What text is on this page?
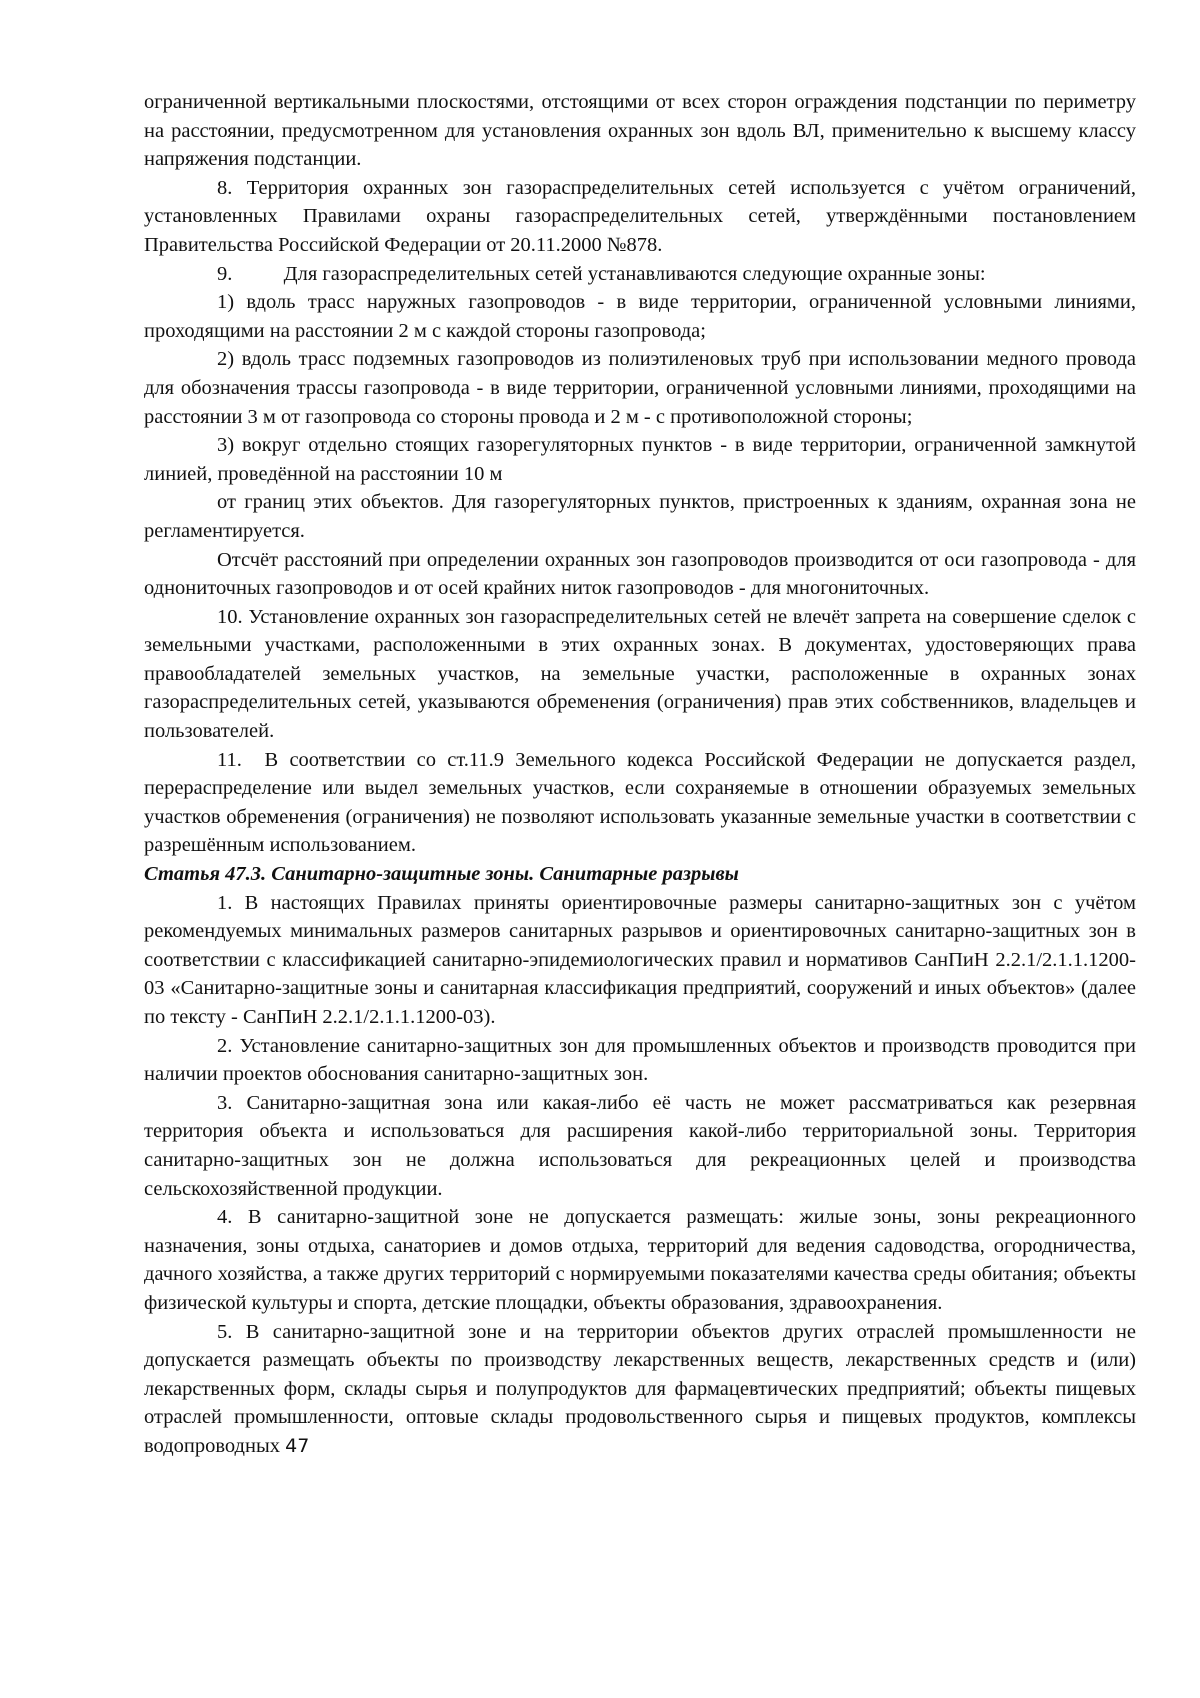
ограниченной вертикальными плоскостями, отстоящими от всех сторон ограждения подстанции по периметру на расстоянии, предусмотренном для установления охранных зон вдоль ВЛ, применительно к высшему классу напряжения подстанции.

8. Территория охранных зон газораспределительных сетей используется с учётом ограничений, установленных Правилами охраны газораспределительных сетей, утверждёнными постановлением Правительства Российской Федерации от 20.11.2000 №878.

9.          Для газораспределительных сетей устанавливаются следующие охранные зоны:

1) вдоль трасс наружных газопроводов - в виде территории, ограниченной условными линиями, проходящими на расстоянии 2 м с каждой стороны газопровода;

2) вдоль трасс подземных газопроводов из полиэтиленовых труб при использовании медного провода для обозначения трассы газопровода - в виде территории, ограниченной условными линиями, проходящими на расстоянии 3 м от газопровода со стороны провода и 2 м - с противоположной стороны;

3) вокруг отдельно стоящих газорегуляторных пунктов - в виде территории, ограниченной замкнутой линией, проведённой на расстоянии 10 м

от границ этих объектов. Для газорегуляторных пунктов, пристроенных к зданиям, охранная зона не регламентируется.

Отсчёт расстояний при определении охранных зон газопроводов производится от оси газопровода - для однониточных газопроводов и от осей крайних ниток газопроводов - для многониточных.

10. Установление охранных зон газораспределительных сетей не влечёт запрета на совершение сделок с земельными участками, расположенными в этих охранных зонах. В документах, удостоверяющих права правообладателей земельных участков, на земельные участки, расположенные в охранных зонах газораспределительных сетей, указываются обременения (ограничения) прав этих собственников, владельцев и пользователей.

11.  В соответствии со ст.11.9 Земельного кодекса Российской Федерации не допускается раздел, перераспределение или выдел земельных участков, если сохраняемые в отношении образуемых земельных участков обременения (ограничения) не позволяют использовать указанные земельные участки в соответствии с разрешённым использованием.

Статья 47.3. Санитарно-защитные зоны. Санитарные разрывы

1. В настоящих Правилах приняты ориентировочные размеры санитарно-защитных зон с учётом рекомендуемых минимальных размеров санитарных разрывов и ориентировочных санитарно-защитных зон в соответствии с классификацией санитарно-эпидемиологических правил и нормативов СанПиН 2.2.1/2.1.1.1200-03 «Санитарно-защитные зоны и санитарная классификация предприятий, сооружений и иных объектов» (далее по тексту - СанПиН 2.2.1/2.1.1.1200-03).

2. Установление санитарно-защитных зон для промышленных объектов и производств проводится при наличии проектов обоснования санитарно-защитных зон.

3. Санитарно-защитная зона или какая-либо её часть не может рассматриваться как резервная территория объекта и использоваться для расширения какой-либо территориальной зоны. Территория санитарно-защитных зон не должна использоваться для рекреационных целей и производства сельскохозяйственной продукции.

4. В санитарно-защитной зоне не допускается размещать: жилые зоны, зоны рекреационного назначения, зоны отдыха, санаториев и домов отдыха, территорий для ведения садоводства, огородничества, дачного хозяйства, а также других территорий с нормируемыми показателями качества среды обитания; объекты физической культуры и спорта, детские площадки, объекты образования, здравоохранения.

5. В санитарно-защитной зоне и на территории объектов других отраслей промышленности не допускается размещать объекты по производству лекарственных веществ, лекарственных средств и (или) лекарственных форм, склады сырья и полупродуктов для фармацевтических предприятий; объекты пищевых отраслей промышленности, оптовые склады продовольственного сырья и пищевых продуктов, комплексы водопроводных 47
